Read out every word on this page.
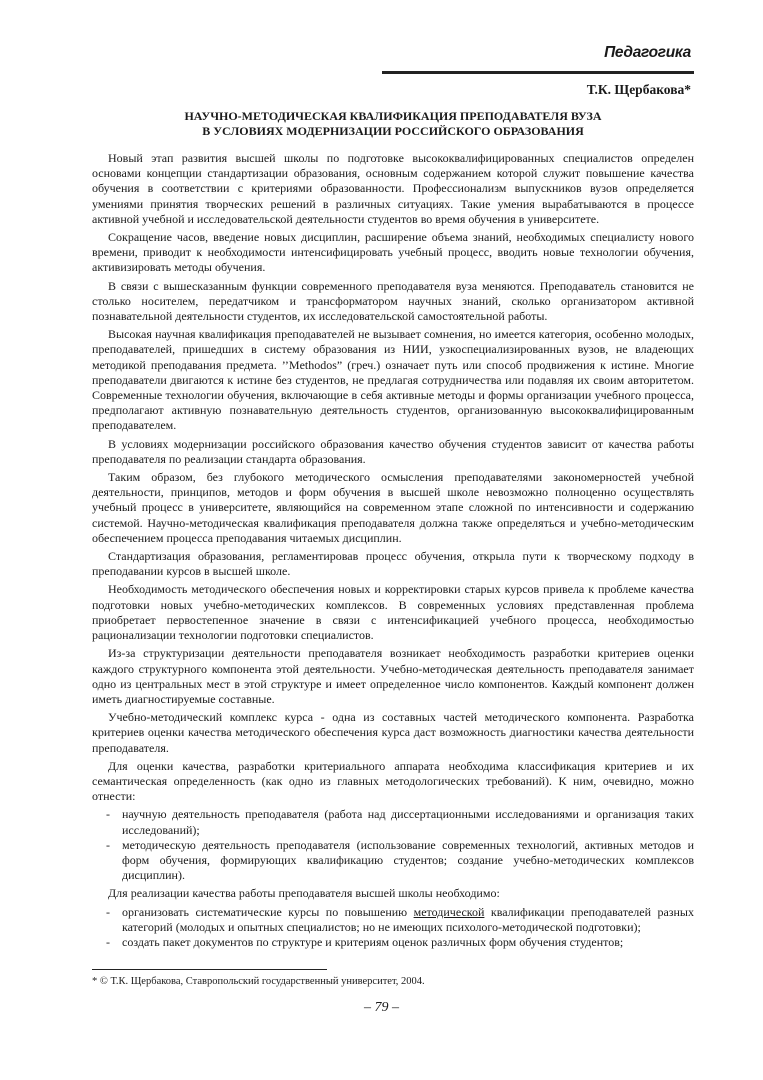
Педагогика
Т.К. Щербакова*
НАУЧНО-МЕТОДИЧЕСКАЯ КВАЛИФИКАЦИЯ ПРЕПОДАВАТЕЛЯ ВУЗА
В УСЛОВИЯХ МОДЕРНИЗАЦИИ РОССИЙСКОГО ОБРАЗОВАНИЯ

Новый этап развития высшей школы по подготовке высококвалифицированных специалистов определен основами концепции стандартизации образования, основным содержанием которой служит повышение качества обучения в соответствии с критериями образованности. Профессионализм выпускников вузов определяется умениями принятия творческих решений в различных ситуациях. Такие умения вырабатываются в процессе активной учебной и исследовательской деятельности студентов во время обучения в университете.

Сокращение часов, введение новых дисциплин, расширение объема знаний, необходимых специалисту нового времени, приводит к необходимости интенсифицировать учебный процесс, вводить новые технологии обучения, активизировать методы обучения.

В связи с вышесказанным функции современного преподавателя вуза меняются. Преподаватель становится не столько носителем, передатчиком и трансформатором научных знаний, сколько организатором активной познавательной деятельности студентов, их исследовательской самостоятельной работы.

Высокая научная квалификация преподавателей не вызывает сомнения, но имеется категория, особенно молодых, преподавателей, пришедших в систему образования из НИИ, узкоспециализированных вузов, не владеющих методикой преподавания предмета. ’’Methodos” (греч.) означает путь или способ продвижения к истине. Многие преподаватели двигаются к истине без студентов, не предлагая сотрудничества или подавляя их своим авторитетом. Современные технологии обучения, включающие в себя активные методы и формы организации учебного процесса, предполагают активную познавательную деятельность студентов, организованную высококвалифицированным преподавателем.

В условиях модернизации российского образования качество обучения студентов зависит от качества работы преподавателя по реализации стандарта образования.

Таким образом, без глубокого методического осмысления преподавателями закономерностей учебной деятельности, принципов, методов и форм обучения в высшей школе невозможно полноценно осуществлять учебный процесс в университете, являющийся на современном этапе сложной по интенсивности и содержанию системой. Научно-методическая квалификация преподавателя должна также определяться и учебно-методическим обеспечением процесса преподавания читаемых дисциплин.

Стандартизация образования, регламентировав процесс обучения, открыла пути к творческому подходу в преподавании курсов в высшей школе.

Необходимость методического обеспечения новых и корректировки старых курсов привела к проблеме качества подготовки новых учебно-методических комплексов. В современных условиях представленная проблема приобретает первостепенное значение в связи с интенсификацией учебного процесса, необходимостью рационализации технологии подготовки специалистов.

Из-за структуризации деятельности преподавателя возникает необходимость разработки критериев оценки каждого структурного компонента этой деятельности. Учебно-методическая деятельность преподавателя занимает одно из центральных мест в этой структуре и имеет определенное число компонентов. Каждый компонент должен иметь диагностируемые составные.

Учебно-методический комплекс курса - одна из составных частей методического компонента. Разработка критериев оценки качества методического обеспечения курса даст возможность диагностики качества деятельности преподавателя.

Для оценки качества, разработки критериального аппарата необходима классификация критериев и их семантическая определенность (как одно из главных методологических требований). К ним, очевидно, можно отнести:

- научную деятельность преподавателя (работа над диссертационными исследованиями и организация таких исследований);

- методическую деятельность преподавателя (использование современных технологий, активных методов и форм обучения, формирующих квалификацию студентов; создание учебно-методических комплексов дисциплин).

Для реализации качества работы преподавателя высшей школы необходимо:

- организовать систематические курсы по повышению методической квалификации преподавателей разных категорий (молодых и опытных специалистов; но не имеющих психолого-методической подготовки);

- создать пакет документов по структуре и критериям оценок различных форм обучения студентов;

* © Т.К. Щербакова, Ставропольский государственный университет, 2004.
– 79 –
